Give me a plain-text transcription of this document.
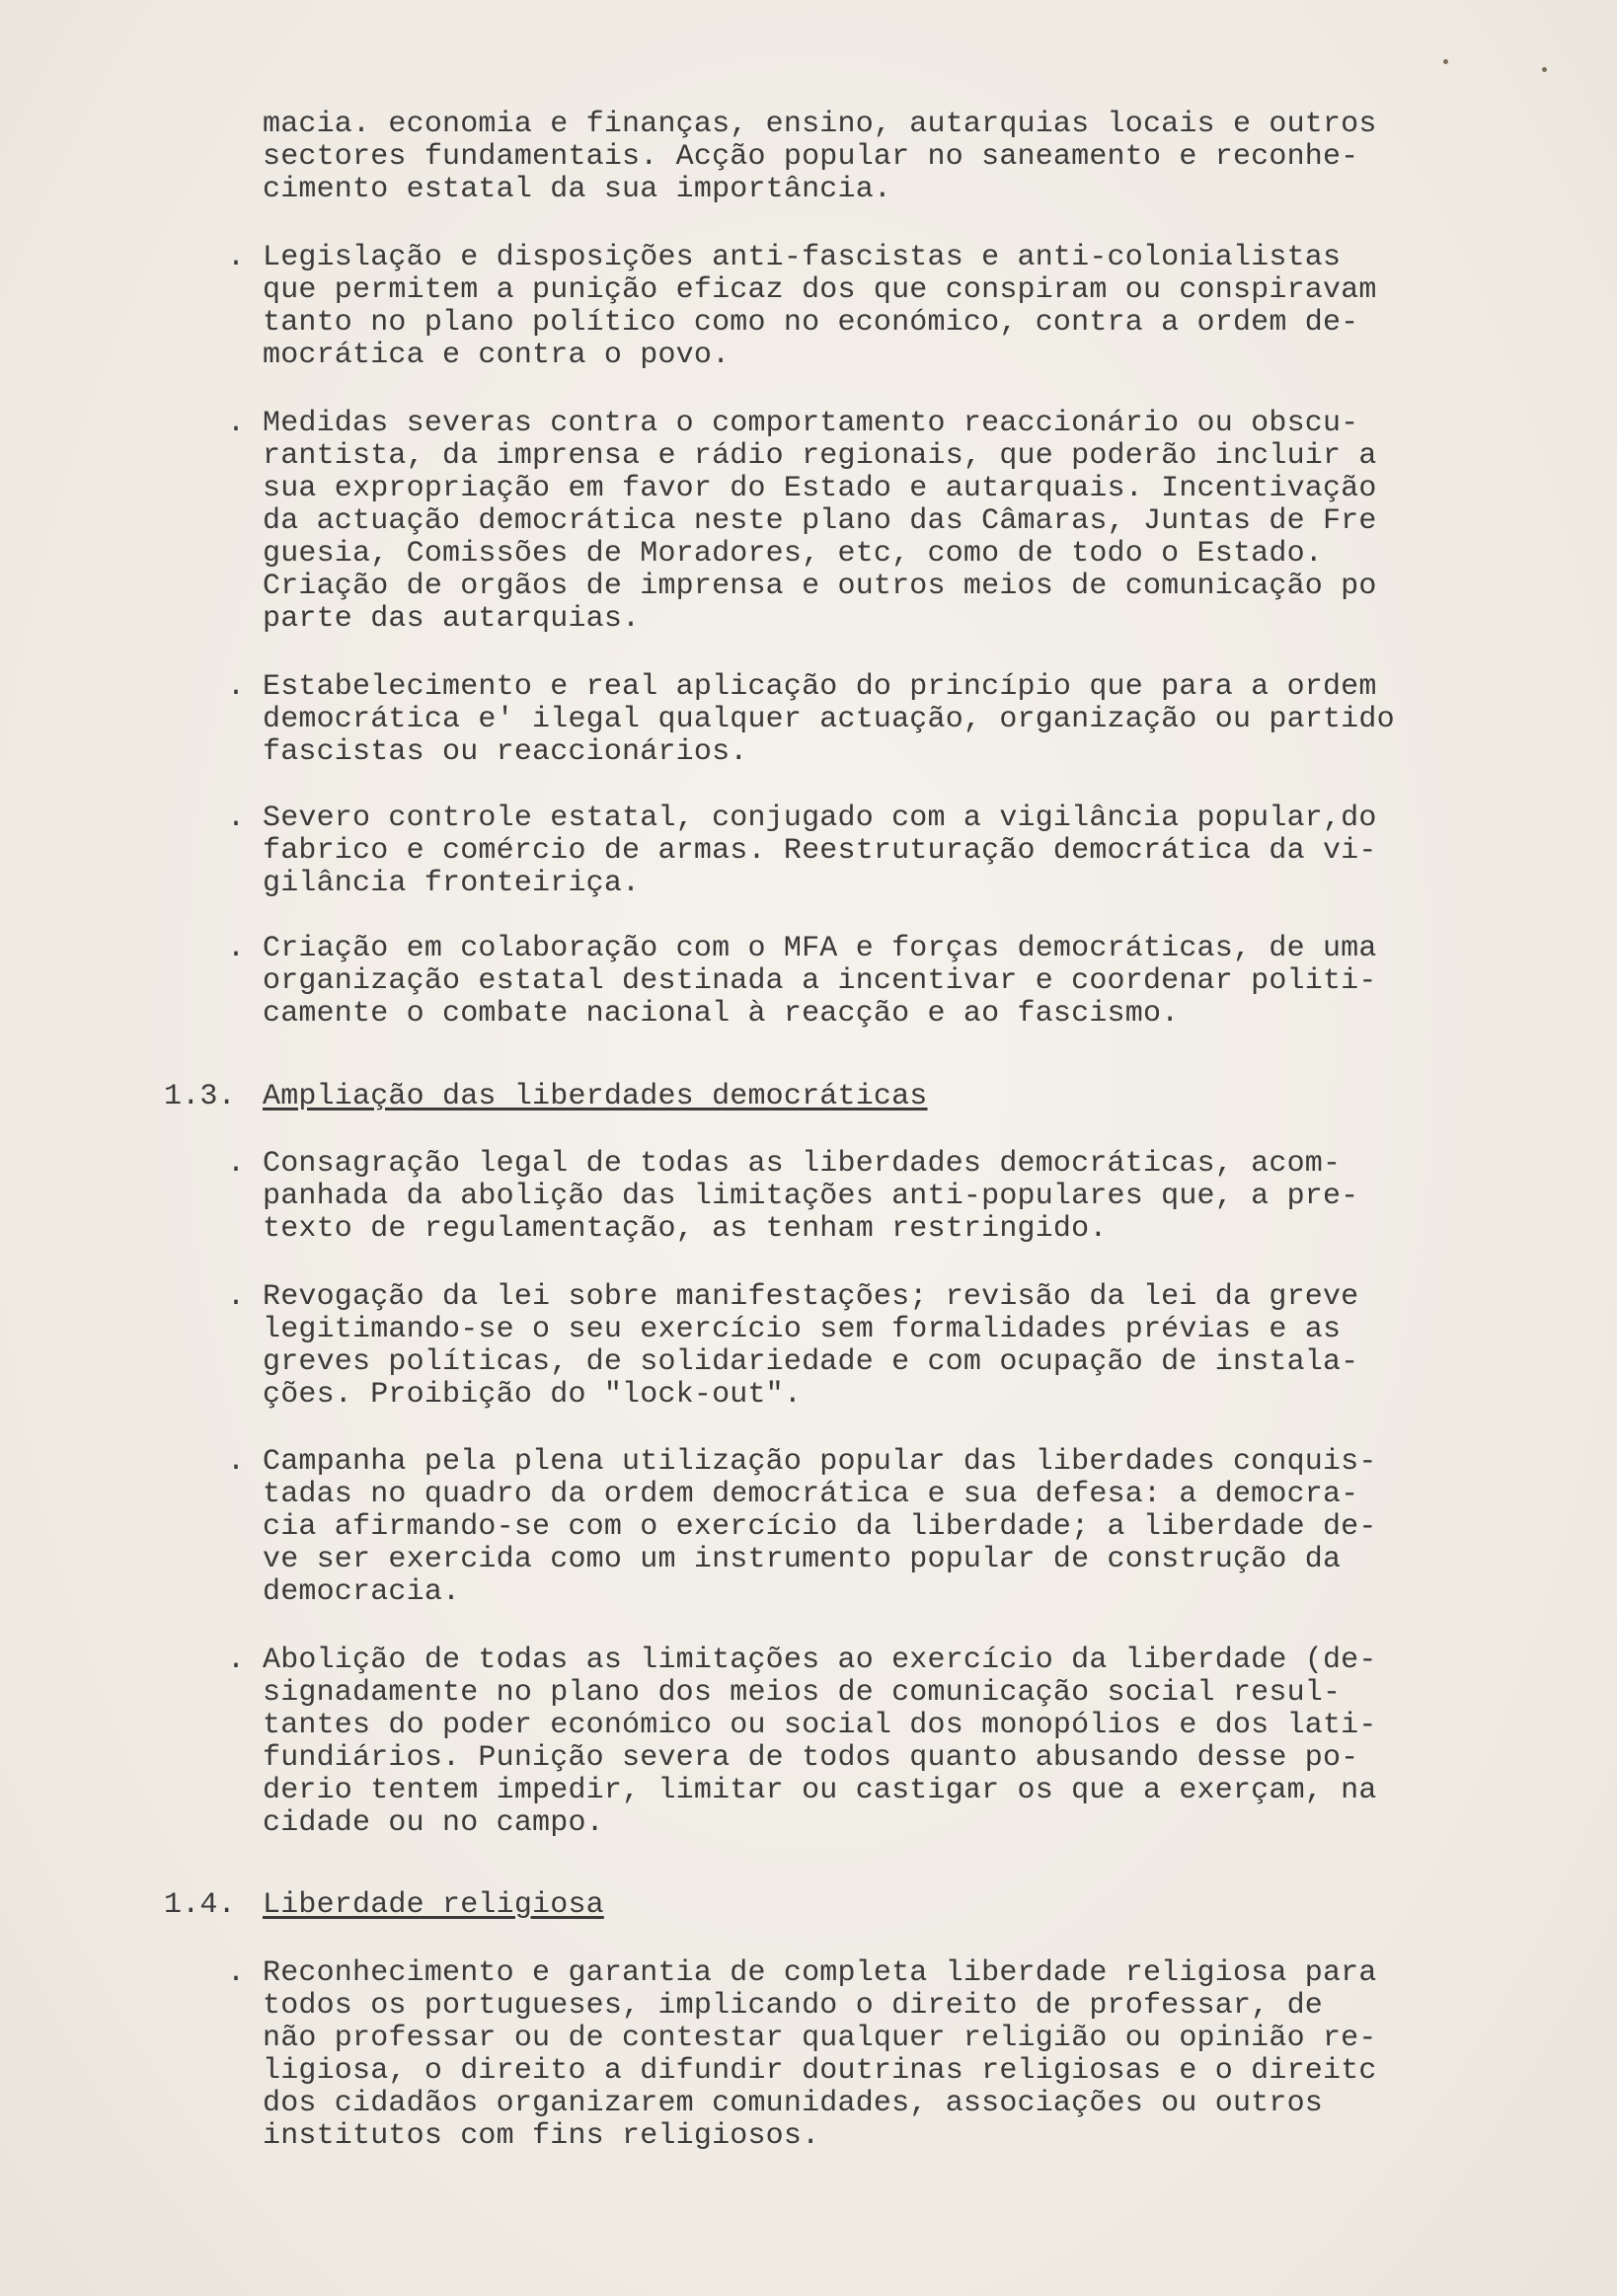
macia. economia e finanças, ensino, autarquias locais e outros
sectores fundamentais. Acção popular no saneamento e reconhe-
cimento estatal da sua importância.
. Legislação e disposições anti-fascistas e anti-colonialistas
que permitem a punição eficaz dos que conspiram ou conspiravam
tanto no plano político como no económico, contra a ordem de-
mocrática e contra o povo.
. Medidas severas contra o comportamento reaccionário ou obscu-
rantista, da imprensa e rádio regionais, que poderão incluir a
sua expropriação em favor do Estado e autarquais. Incentivação
da actuação democrática neste plano das Câmaras, Juntas de Fre
guesia, Comissões de Moradores, etc, como de todo o Estado.
Criação de orgãos de imprensa e outros meios de comunicação po
parte das autarquias.
. Estabelecimento e real aplicação do princípio que para a ordem
democrática e' ilegal qualquer actuação, organização ou partido
fascistas ou reaccionários.
. Severo controle estatal, conjugado com a vigilância popular,do
fabrico e comércio de armas. Reestruturação democrática da vi-
gilância fronteiriça.
. Criação em colaboração com o MFA e forças democráticas, de uma
organização estatal destinada a incentivar e coordenar politi-
camente o combate nacional à reacção e ao fascismo.
1.3. Ampliação das liberdades democráticas
. Consagração legal de todas as liberdades democráticas, acom-
panhada da abolição das limitações anti-populares que, a pre-
texto de regulamentação, as tenham restringido.
. Revogação da lei sobre manifestações; revisão da lei da greve
legitimando-se o seu exercício sem formalidades prévias e as
greves políticas, de solidariedade e com ocupação de instala-
ções. Proibição do "lock-out".
. Campanha pela plena utilização popular das liberdades conquis-
tadas no quadro da ordem democrática e sua defesa: a democra-
cia afirmando-se com o exercício da liberdade; a liberdade de-
ve ser exercida como um instrumento popular de construção da
democracia.
. Abolição de todas as limitações ao exercício da liberdade (de-
signadamente no plano dos meios de comunicação social resul-
tantes do poder económico ou social dos monopólios e dos lati-
fundiários. Punição severa de todos quanto abusando desse po-
derio tentem impedir, limitar ou castigar os que a exerçam, na
cidade ou no campo.
1.4. Liberdade religiosa
. Reconhecimento e garantia de completa liberdade religiosa para
todos os portugueses, implicando o direito de professar, de
não professar ou de contestar qualquer religião ou opinião re-
ligiosa, o direito a difundir doutrinas religiosas e o direitc
dos cidadãos organizarem comunidades, associações ou outros
institutos com fins religiosos.
